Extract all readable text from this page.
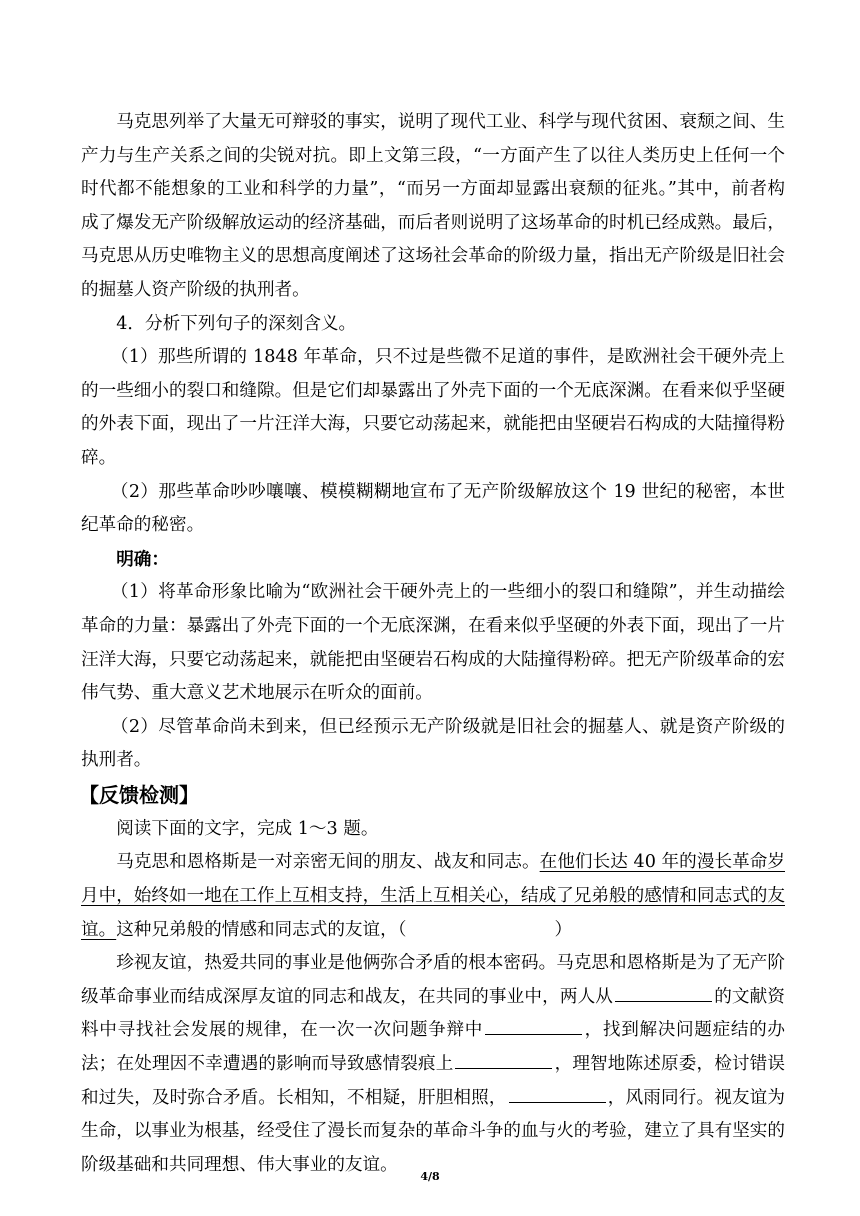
马克思列举了大量无可辩驳的事实，说明了现代工业、科学与现代贫困、衰颓之间、生产力与生产关系之间的尖锐对抗。即上文第三段，“一方面产生了以往人类历史上任何一个时代都不能想象的工业和科学的力量”，“而另一方面却显露出衰颓的征兆。”其中，前者构成了爆发无产阶级解放运动的经济基础，而后者则说明了这场革命的时机已经成熟。最后，马克思从历史唯物主义的思想高度阐述了这场社会革命的阶级力量，指出无产阶级是旧社会的掘墓人资产阶级的执刑者。

4．分析下列句子的深刻含义。

（1）那些所谓的 1848 年革命，只不过是些微不足道的事件，是欧洲社会干硬外壳上的一些细小的裂口和缝隙。但是它们却暴露出了外壳下面的一个无底深渊。在看来似乎坚硬的外表下面，现出了一片汪洋大海，只要它动荡起来，就能把由坚硬岩石构成的大陆撞得粉碎。

（2）那些革命吵吵嚷嚷、模模糊糊地宣布了无产阶级解放这个 19 世纪的秘密，本世纪革命的秘密。

明确：

（1）将革命形象比喻为“欧洲社会干硬外壳上的一些细小的裂口和缝隙”，并生动描绘革命的力量：暴露出了外壳下面的一个无底深渊，在看来似乎坚硬的外表下面，现出了一片汪洋大海，只要它动荡起来，就能把由坚硬岩石构成的大陆撞得粉碎。把无产阶级革命的宏伟气势、重大意义艺术地展示在听众的面前。

（2）尽管革命尚未到来，但已经预示无产阶级就是旧社会的掘墓人、就是资产阶级的执刑者。

【反馈检测】

阅读下面的文字，完成 1～3 题。

马克思和恩格斯是一对亲密无间的朋友、战友和同志。在他们长达 40 年的漫长革命岁月中，始终如一地在工作上互相支持，生活上互相关心，结成了兄弟般的感情和同志式的友谊。这种兄弟般的情感和同志式的友谊，（	）

珍视友谊，热爱共同的事业是他俩弥合矛盾的根本密码。马克思和恩格斯是为了无产阶级革命事业而结成深厚友谊的同志和战友，在共同的事业中，两人从	的文献资料中寻找社会发展的规律，在一次一次问题争辩中	，找到解决问题症结的办法；在处理因不幸遭遇的影响而导致感情裂痕上	，理智地陈述原委，检讨错误和过失，及时弥合矛盾。长相知，不相疑，肝胆相照，	，风雨同行。视友谊为生命，以事业为根基，经受住了漫长而复杂的革命斗争的血与火的考验，建立了具有坚实的阶级基础和共同理想、伟大事业的友谊。

4/8
